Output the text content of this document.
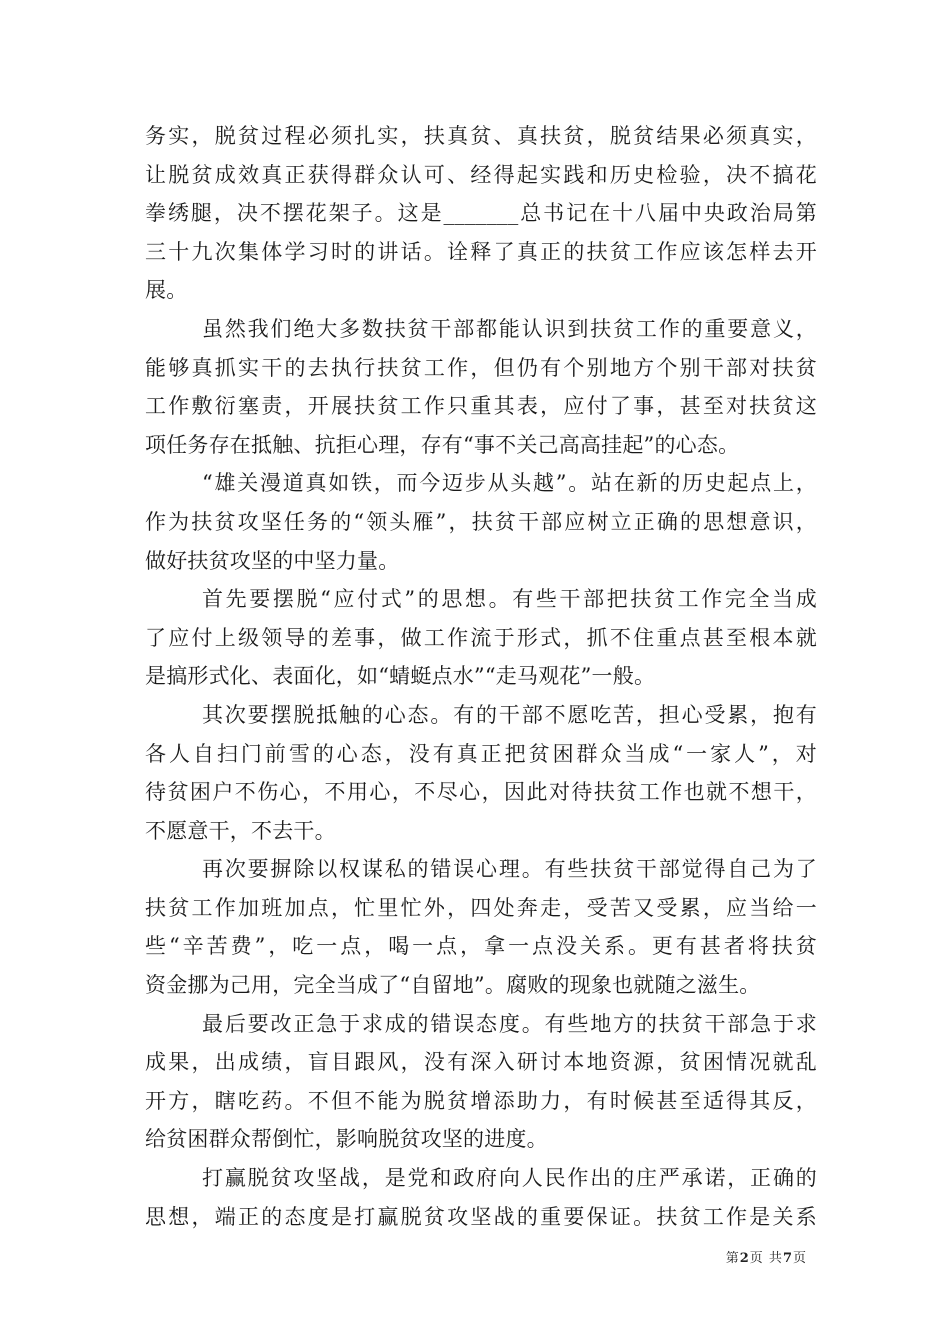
务实，脱贫过程必须扎实，扶真贫、真扶贫，脱贫结果必须真实，
让脱贫成效真正获得群众认可、经得起实践和历史检验，决不搞花
拳绣腿，决不摆花架子。这是_______总书记在十八届中央政治局第
三十九次集体学习时的讲话。诠释了真正的扶贫工作应该怎样去开
展。
虽然我们绝大多数扶贫干部都能认识到扶贫工作的重要意义，
能够真抓实干的去执行扶贫工作，但仍有个别地方个别干部对扶贫
工作敷衍塞责，开展扶贫工作只重其表，应付了事，甚至对扶贫这
项任务存在抵触、抗拒心理，存有“事不关己高高挂起”的心态。
“雄关漫道真如铁，而今迈步从头越”。站在新的历史起点上，
作为扶贫攻坚任务的“领头雁”，扶贫干部应树立正确的思想意识，
做好扶贫攻坚的中坚力量。
首先要摆脱“应付式”的思想。有些干部把扶贫工作完全当成
了应付上级领导的差事，做工作流于形式，抓不住重点甚至根本就
是搞形式化、表面化，如“蜻蜓点水”“走马观花”一般。
其次要摆脱抵触的心态。有的干部不愿吃苦，担心受累，抱有
各人自扫门前雪的心态，没有真正把贫困群众当成“一家人”，对
待贫困户不伤心，不用心，不尽心，因此对待扶贫工作也就不想干，
不愿意干，不去干。
再次要摒除以权谋私的错误心理。有些扶贫干部觉得自己为了
扶贫工作加班加点，忙里忙外，四处奔走，受苦又受累，应当给一
些“辛苦费”，吃一点，喝一点，拿一点没关系。更有甚者将扶贫
资金挪为己用，完全当成了“自留地”。腐败的现象也就随之滋生。
最后要改正急于求成的错误态度。有些地方的扶贫干部急于求
成果，出成绩，盲目跟风，没有深入研讨本地资源，贫困情况就乱
开方，瞎吃药。不但不能为脱贫增添助力，有时候甚至适得其反，
给贫困群众帮倒忙，影响脱贫攻坚的进度。
打赢脱贫攻坚战，是党和政府向人民作出的庄严承诺，正确的
思想，端正的态度是打赢脱贫攻坚战的重要保证。扶贫工作是关系
第2页 共7页
